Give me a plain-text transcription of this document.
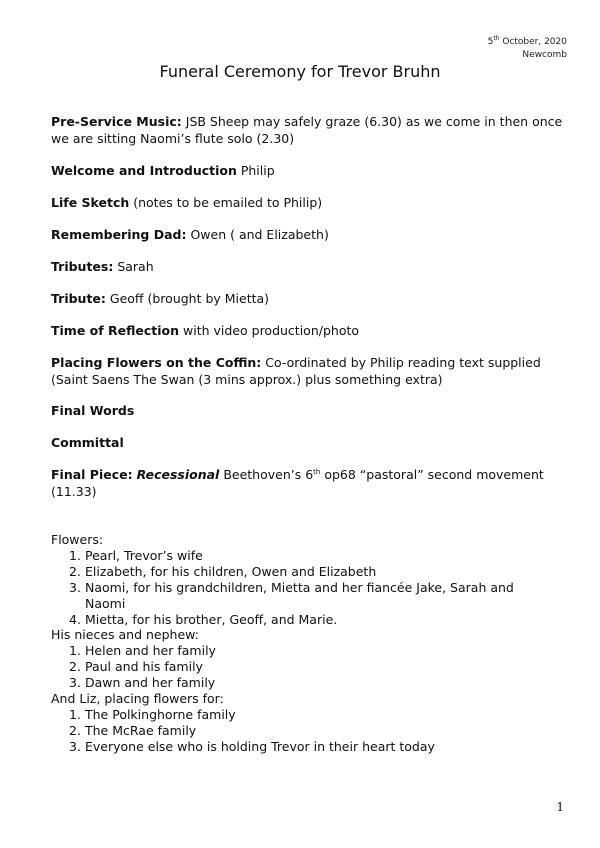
5th October, 2020
Newcomb
Funeral Ceremony for Trevor Bruhn
Pre-Service Music: JSB Sheep may safely graze (6.30) as we come in then once we are sitting Naomi’s flute solo (2.30)
Welcome and Introduction Philip
Life Sketch (notes to be emailed to Philip)
Remembering Dad: Owen ( and Elizabeth)
Tributes: Sarah
Tribute: Geoff (brought by Mietta)
Time of Reflection with video production/photo
Placing Flowers on the Coffin: Co-ordinated by Philip reading text supplied (Saint Saens The Swan (3 mins approx.) plus something extra)
Final Words
Committal
Final Piece: Recessional Beethoven’s 6th op68 “pastoral” second movement (11.33)
Flowers:
1. Pearl, Trevor’s wife
2. Elizabeth, for his children, Owen and Elizabeth
3. Naomi, for his grandchildren, Mietta and her fiancée Jake, Sarah and Naomi
4. Mietta, for his brother, Geoff, and Marie.
His nieces and nephew:
1. Helen and her family
2. Paul and his family
3. Dawn and her family
And Liz, placing flowers for:
1. The Polkinghorne family
2. The McRae family
3. Everyone else who is holding Trevor in their heart today
1
